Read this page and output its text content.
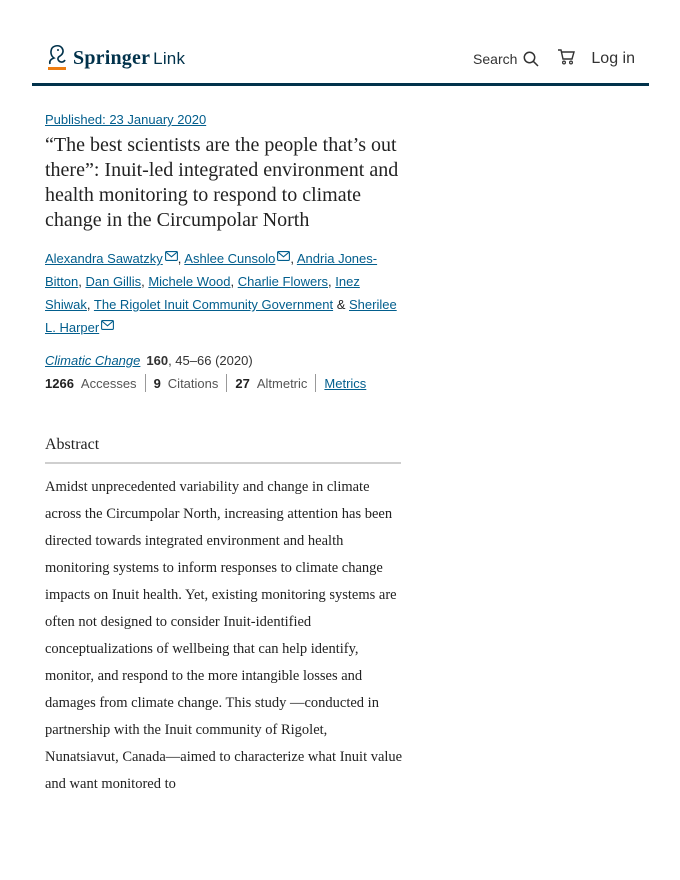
Springer Link	Search	Log in
Published: 23 January 2020
“The best scientists are the people that’s out there”: Inuit-led integrated environment and health monitoring to respond to climate change in the Circumpolar North
Alexandra Sawatzky , Ashlee Cunsolo , Andria Jones-Bitton, Dan Gillis, Michele Wood, Charlie Flowers, Inez Shiwak, The Rigolet Inuit Community Government & Sherilee L. Harper
Climatic Change 160, 45–66 (2020)
1266 Accesses 9 Citations 27 Altmetric Metrics
Abstract
Amidst unprecedented variability and change in climate across the Circumpolar North, increasing attention has been directed towards integrated environment and health monitoring systems to inform responses to climate change impacts on Inuit health. Yet, existing monitoring systems are often not designed to consider Inuit-identified conceptualizations of wellbeing that can help identify, monitor, and respond to the more intangible losses and damages from climate change. This study —conducted in partnership with the Inuit community of Rigolet, Nunatsiavut, Canada—aimed to characterize what Inuit value and want monitored to
